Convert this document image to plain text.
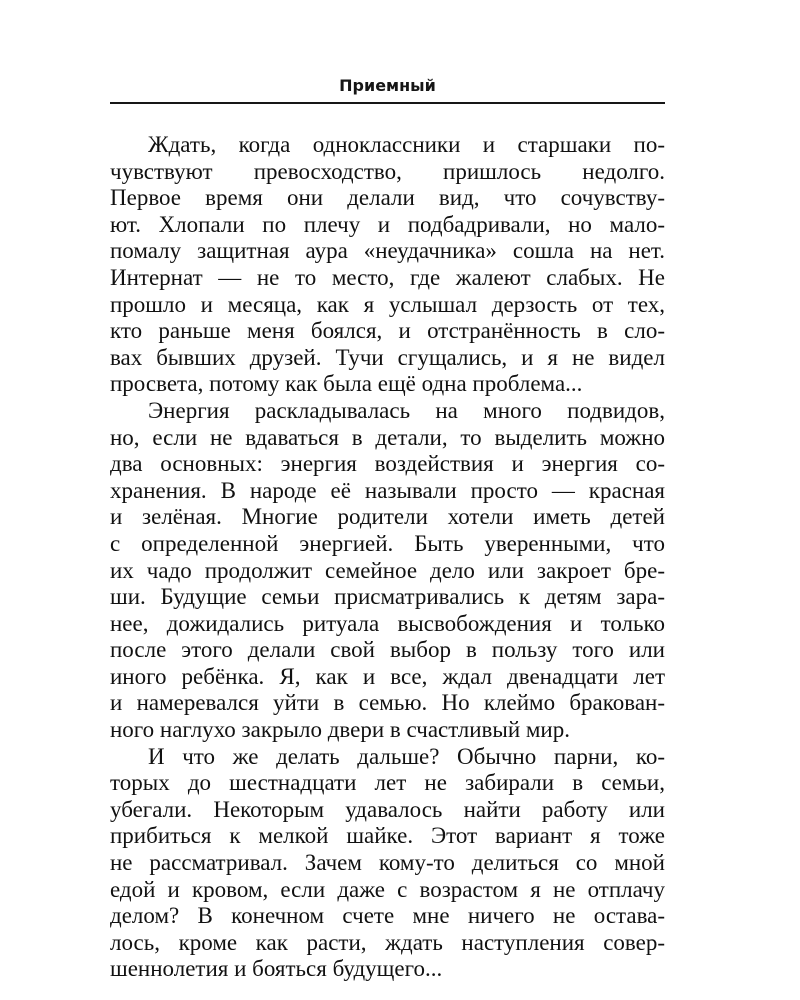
Приемный
Ждать, когда одноклассники и старшаки по-
чувствуют превосходство, пришлось недолго.
Первое время они делали вид, что сочувству-
ют. Хлопали по плечу и подбадривали, но мало-
помалу защитная аура «неудачника» сошла на нет.
Интернат — не то место, где жалеют слабых. Не
прошло и месяца, как я услышал дерзость от тех,
кто раньше меня боялся, и отстранённость в сло-
вах бывших друзей. Тучи сгущались, и я не видел
просвета, потому как была ещё одна проблема...
Энергия раскладывалась на много подвидов,
но, если не вдаваться в детали, то выделить можно
два основных: энергия воздействия и энергия со-
хранения. В народе её называли просто — красная
и зелёная. Многие родители хотели иметь детей
с определенной энергией. Быть уверенными, что
их чадо продолжит семейное дело или закроет бре-
ши. Будущие семьи присматривались к детям зара-
нее, дожидались ритуала высвобождения и только
после этого делали свой выбор в пользу того или
иного ребёнка. Я, как и все, ждал двенадцати лет
и намеревался уйти в семью. Но клеймо бракован-
ного наглухо закрыло двери в счастливый мир.
И что же делать дальше? Обычно парни, ко-
торых до шестнадцати лет не забирали в семьи,
убегали. Некоторым удавалось найти работу или
прибиться к мелкой шайке. Этот вариант я тоже
не рассматривал. Зачем кому-то делиться со мной
едой и кровом, если даже с возрастом я не отплачу
делом? В конечном счете мне ничего не остава-
лось, кроме как расти, ждать наступления совер-
шеннолетия и бояться будущего...
